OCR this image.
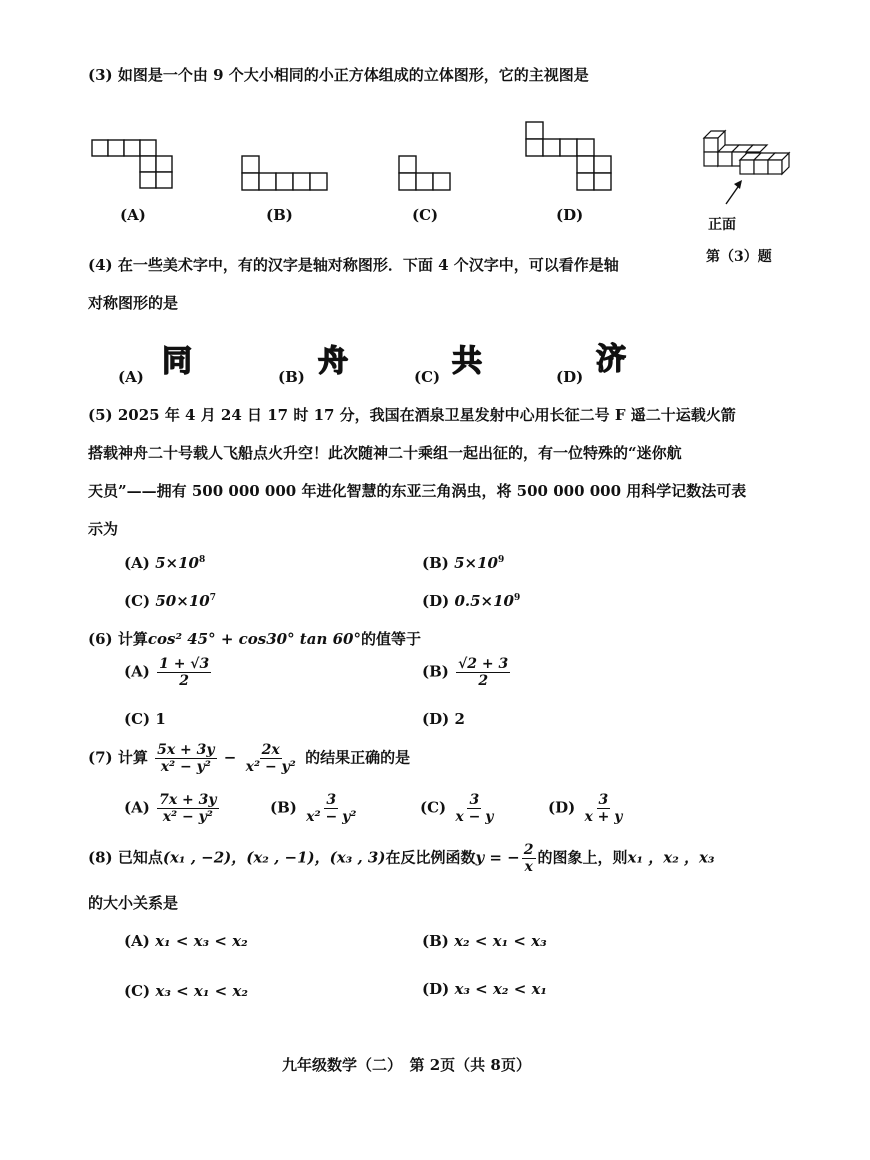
(3) 如图是一个由 9 个大小相同的小正方体组成的立体图形，它的主视图是
(A)	(B)	(C)	(D)
正面
第（3）题
(4) 在一些美术字中，有的汉字是轴对称图形．下面 4 个汉字中，可以看作是轴
对称图形的是
(A) 同	(B) 舟	(C) 共	(D) 济
(5) 2025 年 4 月 24 日 17 时 17 分，我国在酒泉卫星发射中心用长征二号 F 遥二十运载火箭
搭载神舟二十号载人飞船点火升空！此次随神二十乘组一起出征的，有一位特殊的“迷你航
天员”——拥有 500 000 000 年进化智慧的东亚三角涡虫，将 500 000 000 用科学记数法可表
示为
(A) $5\times 10^8$	(B) $5\times 10^9$
(C) $50\times 10^7$	(D) $0.5\times 10^9$
(6) 计算cos² 45° + cos30° tan 60°的值等于
$(A) \frac{1 + √3}{2}$	$(B) \frac{√2 + 3}{2}$
(C) 1	(D) 2
(7) 计算 $\frac{5x + 3y}{\text{x² − y²}} - \frac{2x}{\text{x² − y²}}$ 的结果正确的是
$(A) \frac{7x + 3y}{\text{x² − y²}}$	$(B) \frac{3}{\text{x² − y²}}$	$(C) \frac{3}{x - y}$	$(D) \frac{3}{x + y}$
(8) 已知点(x₁ , −2)，(x₂ , −1)，(x₃ , 3)在反比例函数y = − $\frac{2}{x}$ 的图象上，则x₁ ，x₂ ，x₃
的大小关系是
(A) x₁ < x₃ < x₂	(B) x₂ < x₁ < x₃
(C) x₃ < x₁ < x₂	(D) x₃ < x₂ < x₁
九年级数学（二）　第 2页（共 8页）
